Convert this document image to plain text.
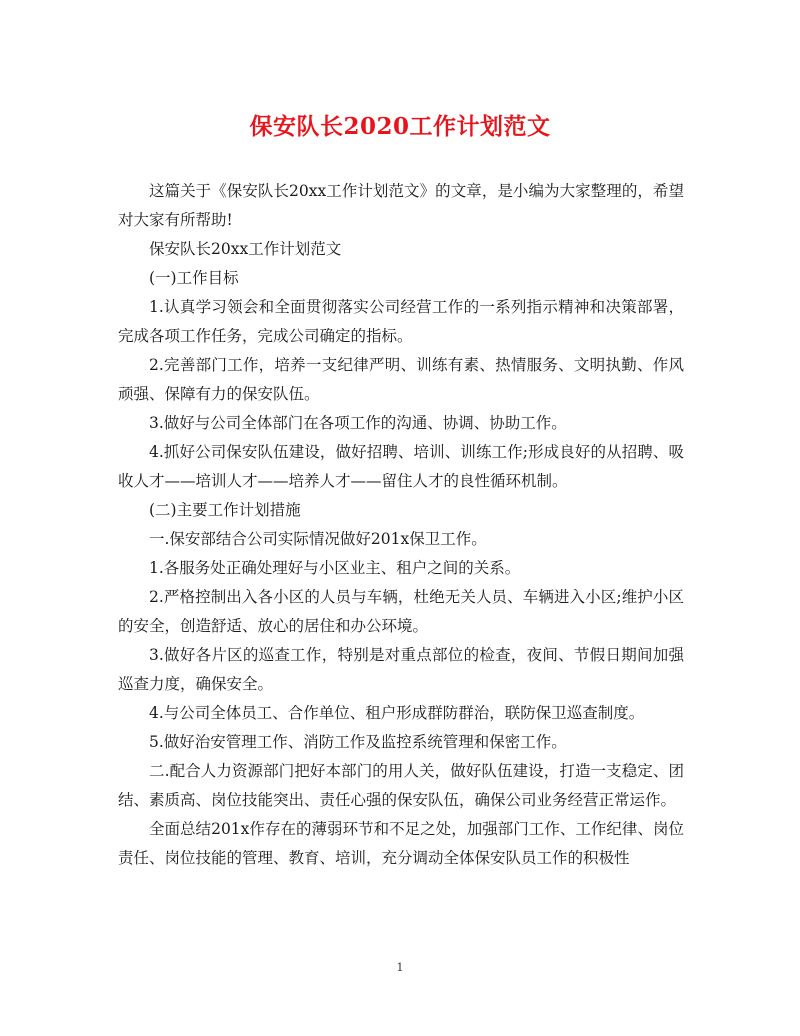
保安队长2020工作计划范文

这篇关于《保安队长20xx工作计划范文》的文章，是小编为大家整理的，希望对大家有所帮助!

保安队长20xx工作计划范文

(一)工作目标

1.认真学习领会和全面贯彻落实公司经营工作的一系列指示精神和决策部署，完成各项工作任务，完成公司确定的指标。

2.完善部门工作，培养一支纪律严明、训练有素、热情服务、文明执勤、作风顽强、保障有力的保安队伍。

3.做好与公司全体部门在各项工作的沟通、协调、协助工作。

4.抓好公司保安队伍建设，做好招聘、培训、训练工作;形成良好的从招聘、吸收人才——培训人才——培养人才——留住人才的良性循环机制。

(二)主要工作计划措施

一.保安部结合公司实际情况做好201x保卫工作。

1.各服务处正确处理好与小区业主、租户之间的关系。

2.严格控制出入各小区的人员与车辆，杜绝无关人员、车辆进入小区;维护小区的安全，创造舒适、放心的居住和办公环境。

3.做好各片区的巡查工作，特别是对重点部位的检查，夜间、节假日期间加强巡查力度，确保安全。

4.与公司全体员工、合作单位、租户形成群防群治，联防保卫巡查制度。

5.做好治安管理工作、消防工作及监控系统管理和保密工作。

二.配合人力资源部门把好本部门的用人关，做好队伍建设，打造一支稳定、团结、素质高、岗位技能突出、责任心强的保安队伍，确保公司业务经营正常运作。

全面总结201x作存在的薄弱环节和不足之处，加强部门工作、工作纪律、岗位责任、岗位技能的管理、教育、培训，充分调动全体保安队员工作的积极性

1
